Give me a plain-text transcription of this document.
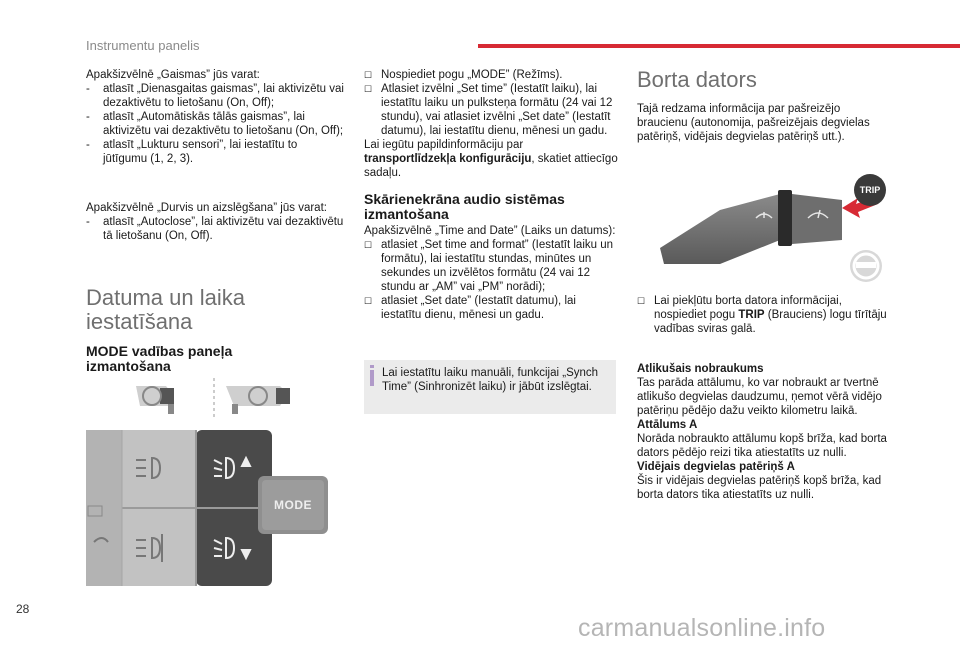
Instrumentu panelis

Apakšizvēlnē „Gaismas” jūs varat:

- atlasīt „Dienasgaitas gaismas”, lai aktivizētu vai dezaktivētu to lietošanu (On, Off);
- atlasīt „Automātiskās tālās gaismas”, lai aktivizētu vai dezaktivētu to lietošanu (On, Off);
- atlasīt „Lukturu sensori”, lai iestatītu to jūtīgumu (1, 2, 3).

Apakšizvēlnē „Durvis un aizslēgšana” jūs varat:

- atlasīt „Autoclose”, lai aktivizētu vai dezaktivētu tā lietošanu (On, Off).
Datuma un laika iestatīšana
MODE vadības paneļa izmantošana
MODE
☐ Nospiediet pogu „MODE” (Režīms).
☐ Atlasiet izvēlni „Set time” (Iestatīt laiku), lai iestatītu laiku un pulksteņa formātu (24 vai 12 stundu), vai atlasiet izvēlni „Set date” (Iestatīt datumu), lai iestatītu dienu, mēnesi un gadu.

Lai iegūtu papildinformāciju par transportlīdzekļa konfigurāciju, skatiet attiecīgo sadaļu.

Skārienekrāna audio sistēmas izmantošana

Apakšizvēlnē „Time and Date” (Laiks un datums):

☐ atlasiet „Set time and format” (Iestatīt laiku un formātu), lai iestatītu stundas, minūtes un sekundes un izvēlētos formātu (24 vai 12 stundu ar „AM” vai „PM” norādi);
☐ atlasiet „Set date” (Iestatīt datumu), lai iestatītu dienu, mēnesi un gadu.
Lai iestatītu laiku manuāli, funkcijai „Synch Time” (Sinhronizēt laiku) ir jābūt izslēgtai.
Borta dators
Tajā redzama informācija par pašreizējo braucienu (autonomija, pašreizējais degvielas patēriņš, vidējais degvielas patēriņš utt.).
TRIP
☐ Lai piekļūtu borta datora informācijai, nospiediet pogu TRIP (Brauciens) logu tīrītāju vadības sviras galā.

Atlikušais nobraukums

Tas parāda attālumu, ko var nobraukt ar tvertnē atlikušo degvielas daudzumu, ņemot vērā vidējo patēriņu pēdējo dažu veikto kilometru laikā.

Attālums A

Norāda nobraukto attālumu kopš brīža, kad borta dators pēdējo reizi tika atiestatīts uz nulli.

Vidējais degvielas patēriņš A

Šis ir vidējais degvielas patēriņš kopš brīža, kad borta dators tika atiestatīts uz nulli.

28
carmanualsonline.info
